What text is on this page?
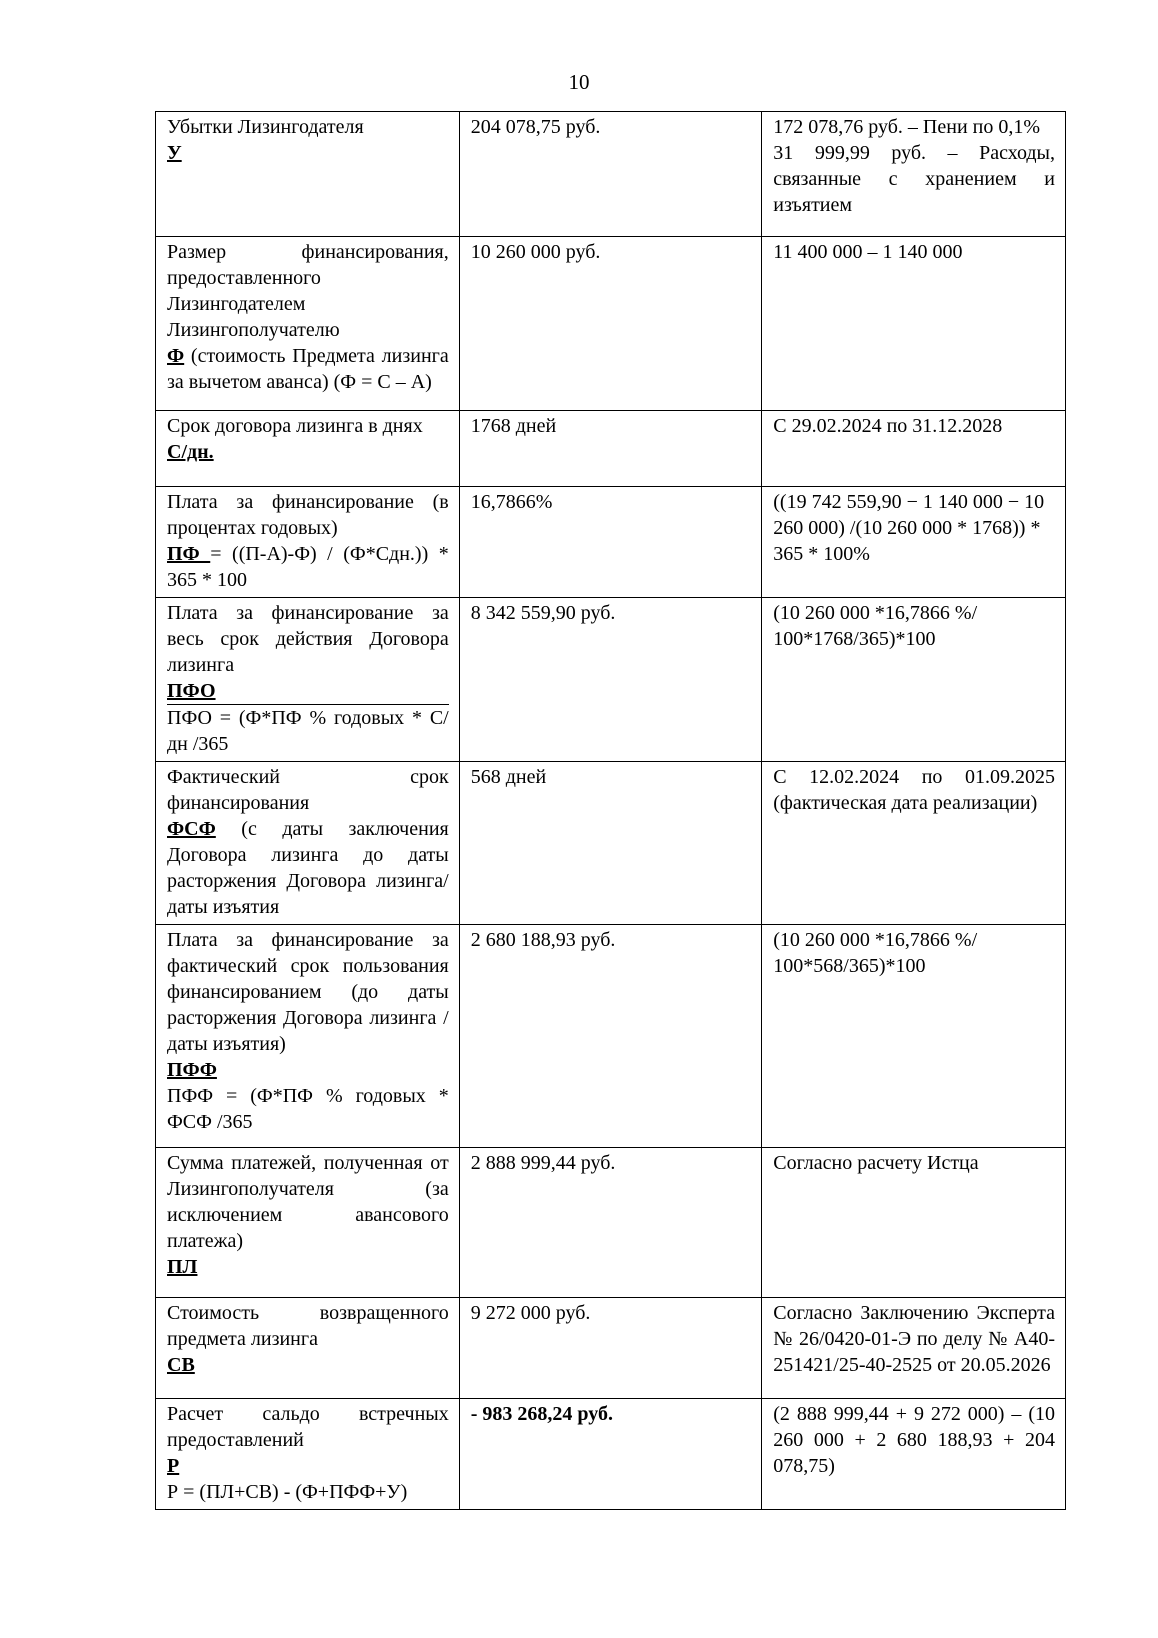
10
Убытки Лизингодателя
У	204 078,75 руб.	172 078,76 руб. – Пени по 0,1%
31 999,99 руб. – Расходы, связанные с хранением и изъятием

Размер финансирования, предоставленного Лизингодателем Лизингополучателю
Ф (стоимость Предмета лизинга за вычетом аванса) (Ф = С – А)	10 260 000 руб.	11 400 000 – 1 140 000

Срок договора лизинга в днях
С/дн.	1768 дней	С 29.02.2024 по 31.12.2028

Плата за финансирование (в процентах годовых)
ПФ = ((П-А)-Ф) / (Ф*Сдн.)) * 365 * 100	16,7866%	((19 742 559,90 − 1 140 000 − 10 260 000) /(10 260 000 * 1768)) * 365 * 100%

Плата за финансирование за весь срок действия Договора лизинга
ПФО
ПФО = (Ф*ПФ % годовых * С/дн /365	8 342 559,90 руб.	(10 260 000 *16,7866 %/ 100*1768/365)*100

Фактический срок финансирования
ФСФ (с даты заключения Договора лизинга до даты расторжения Договора лизинга/ даты изъятия	568 дней	С 12.02.2024 по 01.09.2025 (фактическая дата реализации)

Плата за финансирование за фактический срок пользования финансированием (до даты расторжения Договора лизинга /даты изъятия)
ПФФ
ПФФ = (Ф*ПФ % годовых * ФСФ /365	2 680 188,93 руб.	(10 260 000 *16,7866 %/ 100*568/365)*100

Сумма платежей, полученная от Лизингополучателя (за исключением авансового платежа)
ПЛ	2 888 999,44 руб.	Согласно расчету Истца

Стоимость возвращенного предмета лизинга
СВ	9 272 000 руб.	Согласно Заключению Эксперта № 26/0420-01-Э по делу № А40-251421/25-40-2525 от 20.05.2026

Расчет сальдо встречных предоставлений
Р
Р = (ПЛ+СВ) - (Ф+ПФФ+У)	- 983 268,24 руб.	(2 888 999,44 + 9 272 000) – (10 260 000 + 2 680 188,93 + 204 078,75)
